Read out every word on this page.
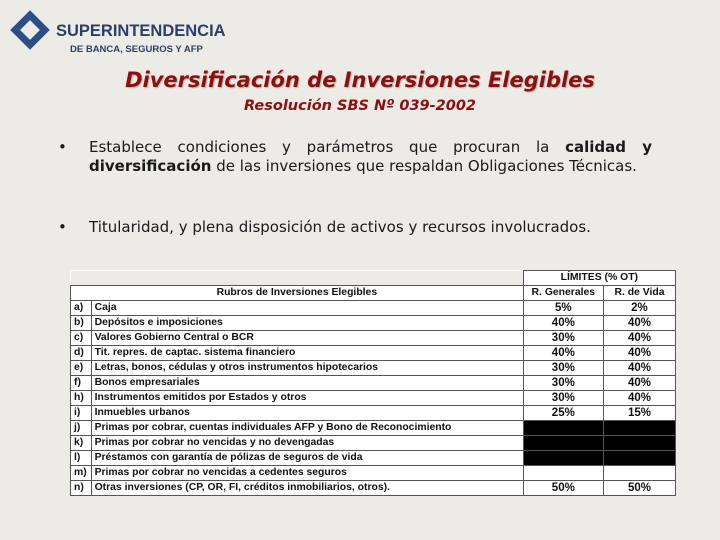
SUPERINTENDENCIA
DE BANCA, SEGUROS Y AFP
Diversificación de Inversiones Elegibles
Resolución SBS Nº 039-2002
• Establece condiciones y parámetros que procuran la calidad y diversificación de las inversiones que respaldan Obligaciones Técnicas.
• Titularidad, y plena disposición de activos y recursos involucrados.
		LÍMITES (% OT)	
Rubros de Inversiones Elegibles		R. Generales	R. de Vida
a)	Caja	5%	2%
b)	Depósitos e imposiciones	40%	40%
c)	Valores Gobierno Central o BCR	30%	40%
d)	Tit. repres. de captac. sistema financiero	40%	40%
e)	Letras, bonos, cédulas y otros instrumentos hipotecarios	30%	40%
f)	Bonos empresariales	30%	40%
h)	Instrumentos emitidos por Estados y otros	30%	40%
i)	Inmuebles urbanos	25%	15%
j)	Primas por cobrar, cuentas individuales AFP y Bono de Reconocimiento		
k)	Primas por cobrar no vencidas y no devengadas		
l)	Préstamos con garantía de pólizas de seguros de vida		
m)	Primas por cobrar no vencidas a cedentes seguros		
n)	Otras inversiones (CP, OR, FI, créditos inmobiliarios, otros).	50%	50%
